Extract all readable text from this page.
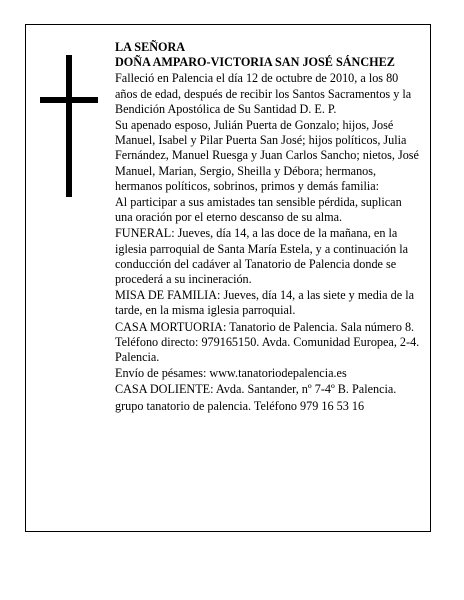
LA SEÑORA

DOÑA AMPARO-VICTORIA SAN JOSÉ SÁNCHEZ

Falleció en Palencia el día 12 de octubre de 2010, a los 80 años de edad, después de recibir los Santos Sacramentos y la Bendición Apostólica de Su Santidad D. E. P.

Su apenado esposo, Julián Puerta de Gonzalo; hijos, José Manuel, Isabel y Pilar Puerta San José; hijos políticos, Julia Fernández, Manuel Ruesga y Juan Carlos Sancho; nietos, José Manuel, Marian, Sergio, Sheilla y Débora; hermanos, hermanos políticos, sobrinos, primos y demás familia:

Al participar a sus amistades tan sensible pérdida, suplican una oración por el eterno descanso de su alma.

FUNERAL: Jueves, día 14, a las doce de la mañana, en la iglesia parroquial de Santa María Estela, y a continuación la conducción del cadáver al Tanatorio de Palencia donde se procederá a su incineración.

MISA DE FAMILIA: Jueves, día 14, a las siete y media de la tarde, en la misma iglesia parroquial.

CASA MORTUORIA: Tanatorio de Palencia. Sala número 8. Teléfono directo: 979165150. Avda. Comunidad Europea, 2-4. Palencia.

Envío de pésames: www.tanatoriodepalencia.es

CASA DOLIENTE: Avda. Santander, nº 7-4º B. Palencia.

grupo tanatorio de palencia. Teléfono 979 16 53 16
